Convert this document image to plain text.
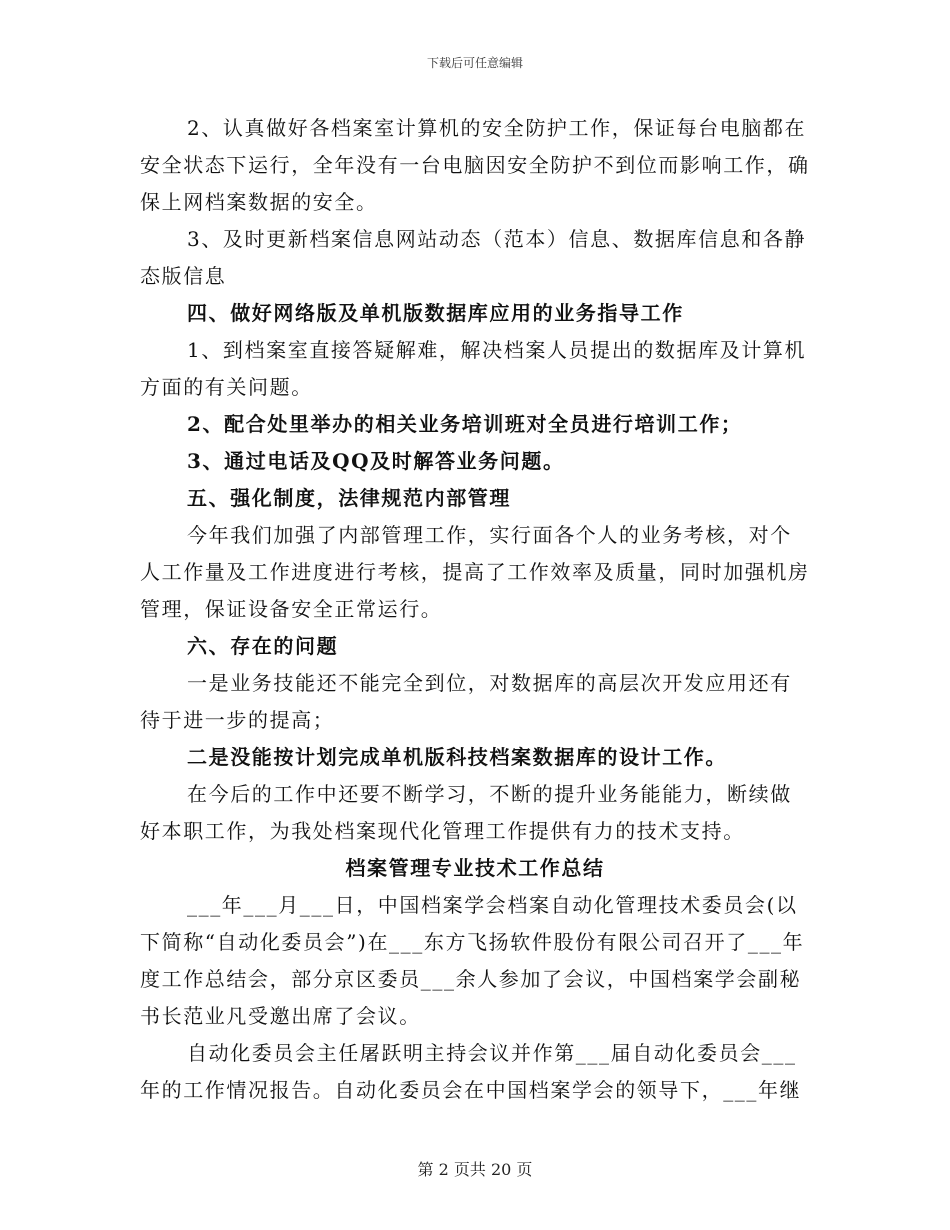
下载后可任意编辑

2、认真做好各档案室计算机的安全防护工作，保证每台电脑都在安全状态下运行，全年没有一台电脑因安全防护不到位而影响工作，确保上网档案数据的安全。

3、及时更新档案信息网站动态（范本）信息、数据库信息和各静态版信息

四、做好网络版及单机版数据库应用的业务指导工作

1、到档案室直接答疑解难，解决档案人员提出的数据库及计算机方面的有关问题。

2、配合处里举办的相关业务培训班对全员进行培训工作；

3、通过电话及QQ及时解答业务问题。

五、强化制度，法律规范内部管理

今年我们加强了内部管理工作，实行面各个人的业务考核，对个人工作量及工作进度进行考核，提高了工作效率及质量，同时加强机房管理，保证设备安全正常运行。

六、存在的问题

一是业务技能还不能完全到位，对数据库的高层次开发应用还有待于进一步的提高；

二是没能按计划完成单机版科技档案数据库的设计工作。

在今后的工作中还要不断学习，不断的提升业务能能力，断续做好本职工作，为我处档案现代化管理工作提供有力的技术支持。

档案管理专业技术工作总结

___年___月___日，中国档案学会档案自动化管理技术委员会(以下简称“自动化委员会”)在___东方飞扬软件股份有限公司召开了___年度工作总结会，部分京区委员___余人参加了会议，中国档案学会副秘书长范业凡受邀出席了会议。

自动化委员会主任屠跃明主持会议并作第___届自动化委员会___年的工作情况报告。自动化委员会在中国档案学会的领导下，___年继

第 2 页共 20 页
